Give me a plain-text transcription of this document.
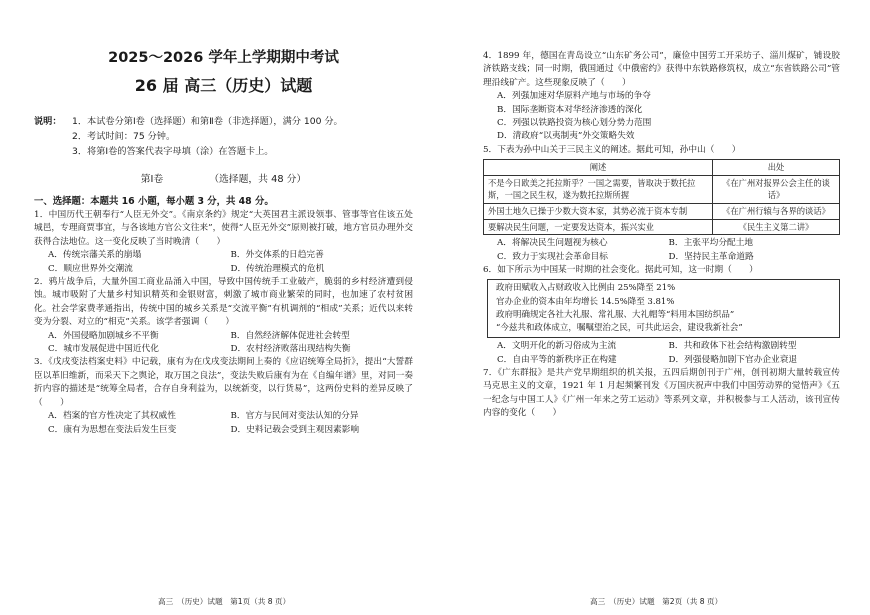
2025～2026 学年上学期期中考试
26 届 高三（历史）试题
说明： 1．本试卷分第Ⅰ卷（选择题）和第Ⅱ卷（非选择题），满分 100 分。
2．考试时间：75 分钟。
3．将第Ⅰ卷的答案代表字母填（涂）在答题卡上。
第Ⅰ卷	（选择题，共 48 分）
一、选择题：本题共 16 小题，每小题 3 分，共 48 分。

1．中国历代王朝奉行“人臣无外交”。《南京条约》规定“大英国君主派设领事、管事等官住该五处城邑，专理商贾事宜，与各该地方官公文往来”，使得“人臣无外交”原则被打破，地方官员办理外交获得合法地位。这一变化反映了当时晚清（　　）

A．传统宗藩关系的崩塌	B．外交体系的日趋完善
C．顺应世界外交潮流	D．传统治理模式的危机

2．鸦片战争后，大量外国工商业品涌入中国，导致中国传统手工业破产，脆弱的乡村经济遭到侵蚀。城市吸附了大量乡村知识精英和金银财富，刺激了城市商业繁荣的同时，也加速了农村贫困化。社会学家费孝通指出，传统中国的城乡关系是“交流平衡”有机调剂的“相成”关系；近代以来转变为分裂、对立的“相克”关系。该学者强调（　　）

A．外国侵略加剧城乡不平衡	B．自然经济解体促进社会转型
C．城市发展促进中国近代化	D．农村经济败落出现结构失衡

3．《戊戌变法档案史料》中记载，康有为在戊戌变法期间上奏的《应诏统筹全局折》，提出“大誓群臣以革旧维新，而采天下之舆论，取万国之良法”，变法失败后康有为在《自编年谱》里，对同一奏折内容的描述是“统筹全局者，合存自身利益为，以统新变，以行货易”，这两份史料的差异反映了（　　）

A．档案的官方性决定了其权威性	B．官方与民间对变法认知的分异
C．康有为思想在变法后发生巨变	D．史料记载会受到主观因素影响

4．1899 年，德国在青岛设立“山东矿务公司”，廉俭中国劳工开采坊子、淄川煤矿，铺设胶济铁路支线；同一时期，俄国通过《中俄密约》获得中东铁路修筑权，成立“东省铁路公司”管理沿线矿产。这些现象反映了（　　）

A．列强加速对华原料产地与市场的争夺
B．国际垄断资本对华经济渗透的深化
C．列强以铁路投资为核心划分势力范围
D．清政府“以夷制夷”外交策略失效

5．下表为孙中山关于三民主义的阐述。据此可知，孙中山（　　）

阐述	出处
不是今日欧美之托拉斯乎？一国之需要，皆取决于数托拉斯，一国之民生权，遂为数托拉斯所握	《在广州对报界公会主任的谈话》
外国土地久已操于少数大资本家，其势必流于资本专制	《在广州行辕与各界的谈话》
要解决民生问题，一定要发达资本，振兴实业	《民生主义第二讲》
A．将解决民生问题视为核心	B．主张平均分配土地
C．致力于实现社会革命目标	D．坚持民主革命道路

6．如下所示为中国某一时期的社会变化。据此可知，这一时期（　　）

政府田赋收入占财政收入比例由 25%降至 21%
官办企业的资本由年均增长 14.5%降至 3.81%
政府明确规定各社大礼服、常礼服、大礼帽等“料用本国纺织品”
“今兹共和政体成立，嘱嘱望治之民，可共此运会，建设我新社会”
A．文明开化的新习俗成为主流	B．共和政体下社会结构激剧转型
C．自由平等的新秩序正在构建	D．列强侵略加剧下官办企业衰退

7．《广东群报》是共产党早期组织的机关报，五四后期创刊于广州，创刊初期大量转载宣传马克思主义的文章，1921 年 1 月起频繁刊发《万国庆祝声中我们中国劳动界的觉悟声》《五一纪念与中国工人》《广州一年来之劳工运动》等系列文章，并积极参与工人活动，该刊宣传内容的变化（　　）

高三　（历史）试题　第1页（共 8 页）	高三　（历史）试题　第2页（共 8 页）
